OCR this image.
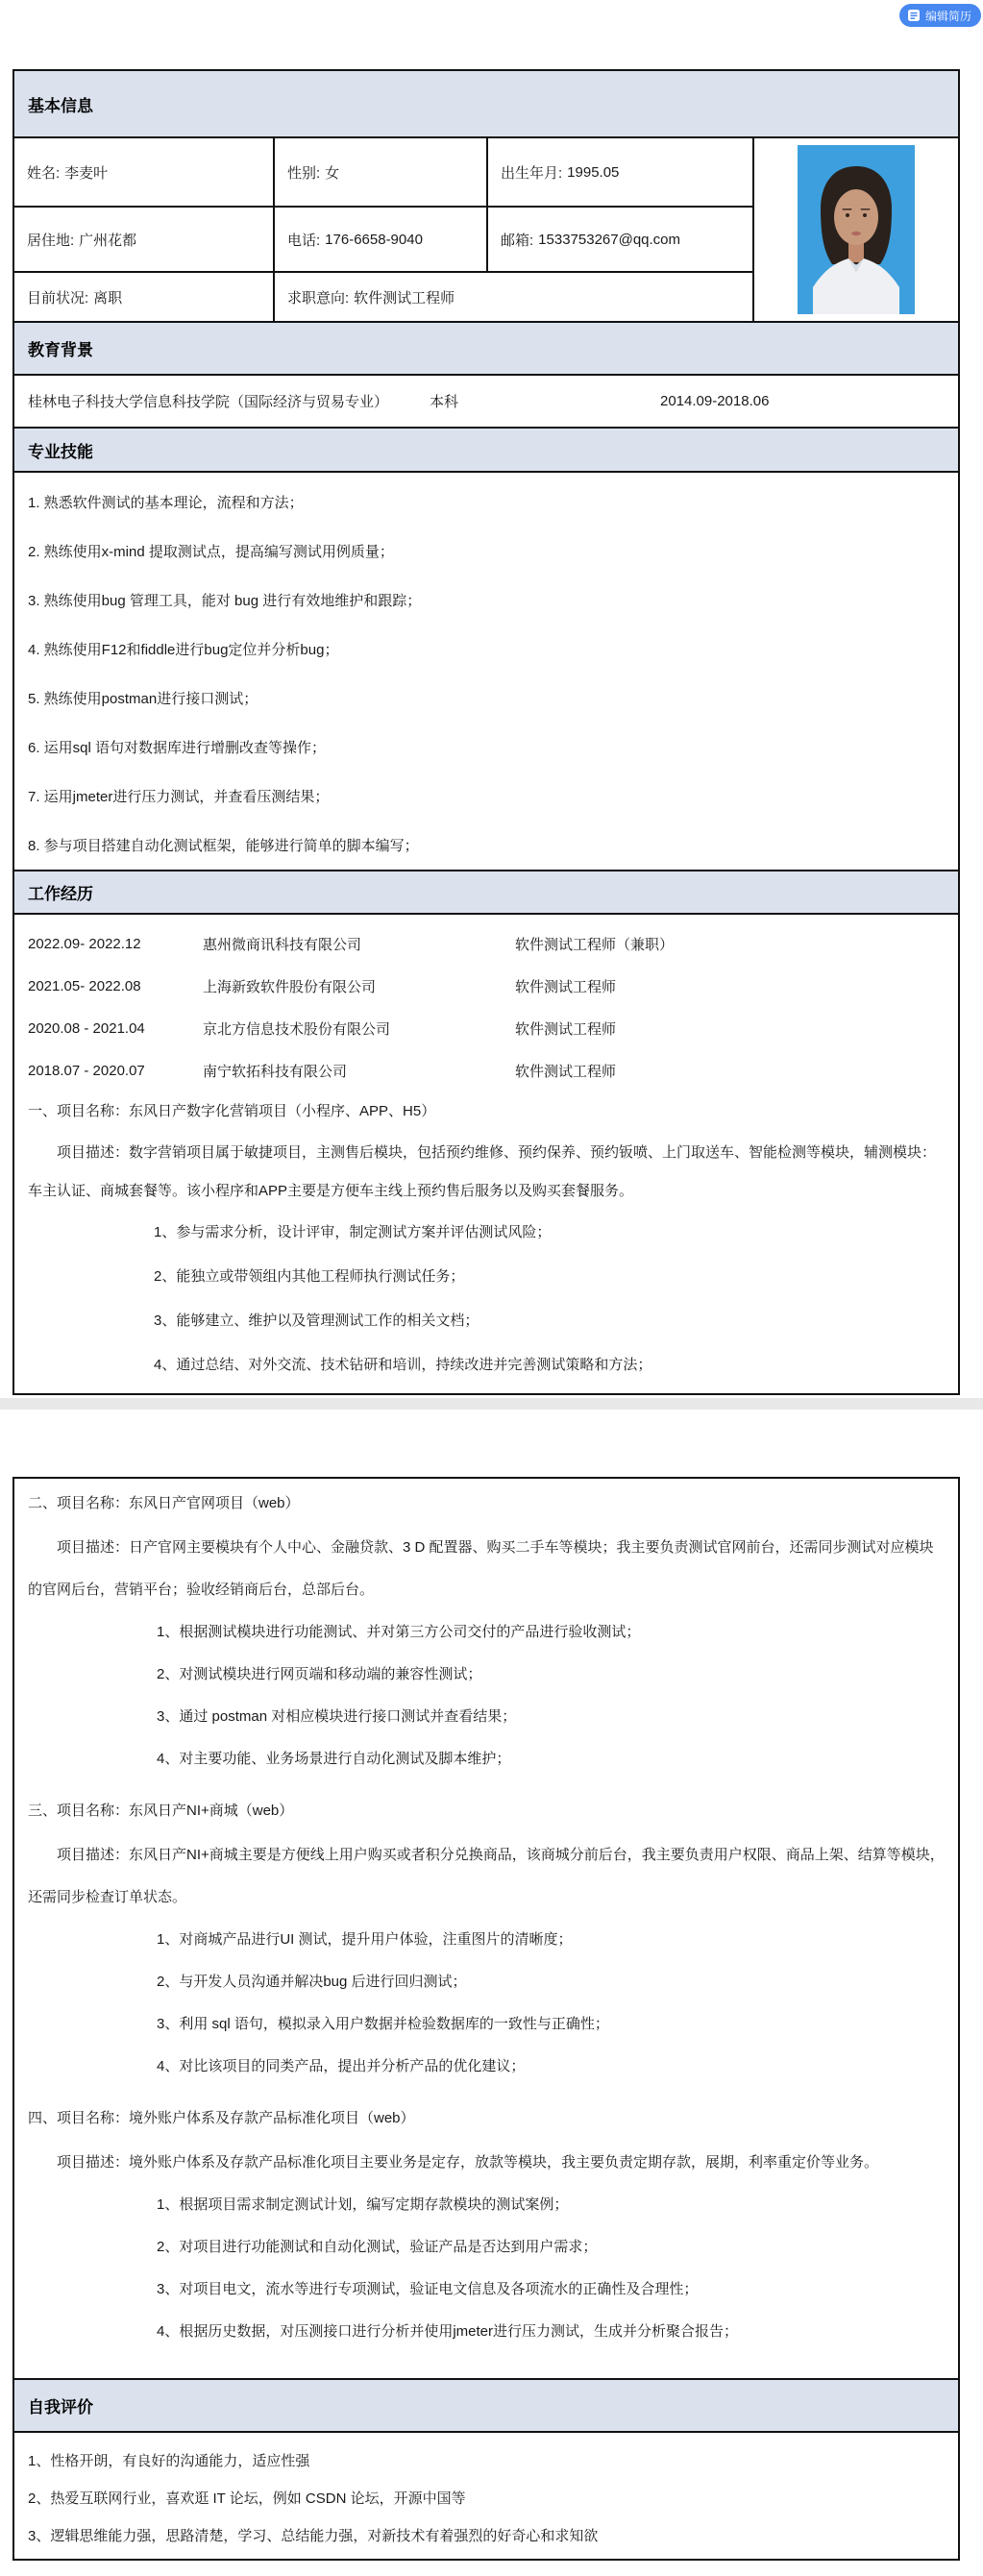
编辑简历
基本信息
姓名: 李麦叶	性别: 女	出生年月: 1995.05
居住地: 广州花都	电话: 176-6658-9040	邮箱: 1533753267@qq.com
目前状况: 离职	求职意向: 软件测试工程师
教育背景
桂林电子科技大学信息科技学院（国际经济与贸易专业）	本科	2014.09-2018.06
专业技能
1. 熟悉软件测试的基本理论，流程和方法；
2. 熟练使用x-mind 提取测试点，提高编写测试用例质量；
3. 熟练使用bug 管理工具，能对 bug 进行有效地维护和跟踪；
4. 熟练使用F12和fiddle进行bug定位并分析bug；
5. 熟练使用postman进行接口测试；
6. 运用sql 语句对数据库进行增删改查等操作；
7. 运用jmeter进行压力测试，并查看压测结果；
8. 参与项目搭建自动化测试框架，能够进行简单的脚本编写；
工作经历
2022.09- 2022.12	惠州微商讯科技有限公司	软件测试工程师（兼职）
2021.05- 2022.08	上海新致软件股份有限公司	软件测试工程师
2020.08 - 2021.04	京北方信息技术股份有限公司	软件测试工程师
2018.07 - 2020.07	南宁软拓科技有限公司	软件测试工程师
一、项目名称：东风日产数字化营销项目（小程序、APP、H5）
项目描述：数字营销项目属于敏捷项目，主测售后模块，包括预约维修、预约保养、预约钣喷、上门取送车、智能检测等模块，辅测模块：车主认证、商城套餐等。该小程序和APP主要是方便车主线上预约售后服务以及购买套餐服务。
1、参与需求分析，设计评审，制定测试方案并评估测试风险；
2、能独立或带领组内其他工程师执行测试任务；
3、能够建立、维护以及管理测试工作的相关文档；
4、通过总结、对外交流、技术钻研和培训，持续改进并完善测试策略和方法；
二、项目名称：东风日产官网项目（web）
项目描述：日产官网主要模块有个人中心、金融贷款、3 D 配置器、购买二手车等模块；我主要负责测试官网前台，还需同步测试对应模块的官网后台，营销平台；验收经销商后台，总部后台。
1、根据测试模块进行功能测试、并对第三方公司交付的产品进行验收测试；
2、对测试模块进行网页端和移动端的兼容性测试；
3、通过 postman 对相应模块进行接口测试并查看结果；
4、对主要功能、业务场景进行自动化测试及脚本维护；
三、项目名称：东风日产NI+商城（web）
项目描述：东风日产NI+商城主要是方便线上用户购买或者积分兑换商品，该商城分前后台，我主要负责用户权限、商品上架、结算等模块，还需同步检查订单状态。
1、对商城产品进行UI 测试，提升用户体验，注重图片的清晰度；
2、与开发人员沟通并解决bug 后进行回归测试；
3、利用 sql 语句，模拟录入用户数据并检验数据库的一致性与正确性；
4、对比该项目的同类产品，提出并分析产品的优化建议；
四、项目名称：境外账户体系及存款产品标准化项目（web）
项目描述：境外账户体系及存款产品标准化项目主要业务是定存，放款等模块，我主要负责定期存款，展期，利率重定价等业务。
1、根据项目需求制定测试计划，编写定期存款模块的测试案例；
2、对项目进行功能测试和自动化测试，验证产品是否达到用户需求；
3、对项目电文，流水等进行专项测试，验证电文信息及各项流水的正确性及合理性；
4、根据历史数据，对压测接口进行分析并使用jmeter进行压力测试，生成并分析聚合报告；
自我评价
1、性格开朗，有良好的沟通能力，适应性强
2、热爱互联网行业，喜欢逛 IT 论坛，例如 CSDN 论坛，开源中国等
3、逻辑思维能力强，思路清楚，学习、总结能力强，对新技术有着强烈的好奇心和求知欲
